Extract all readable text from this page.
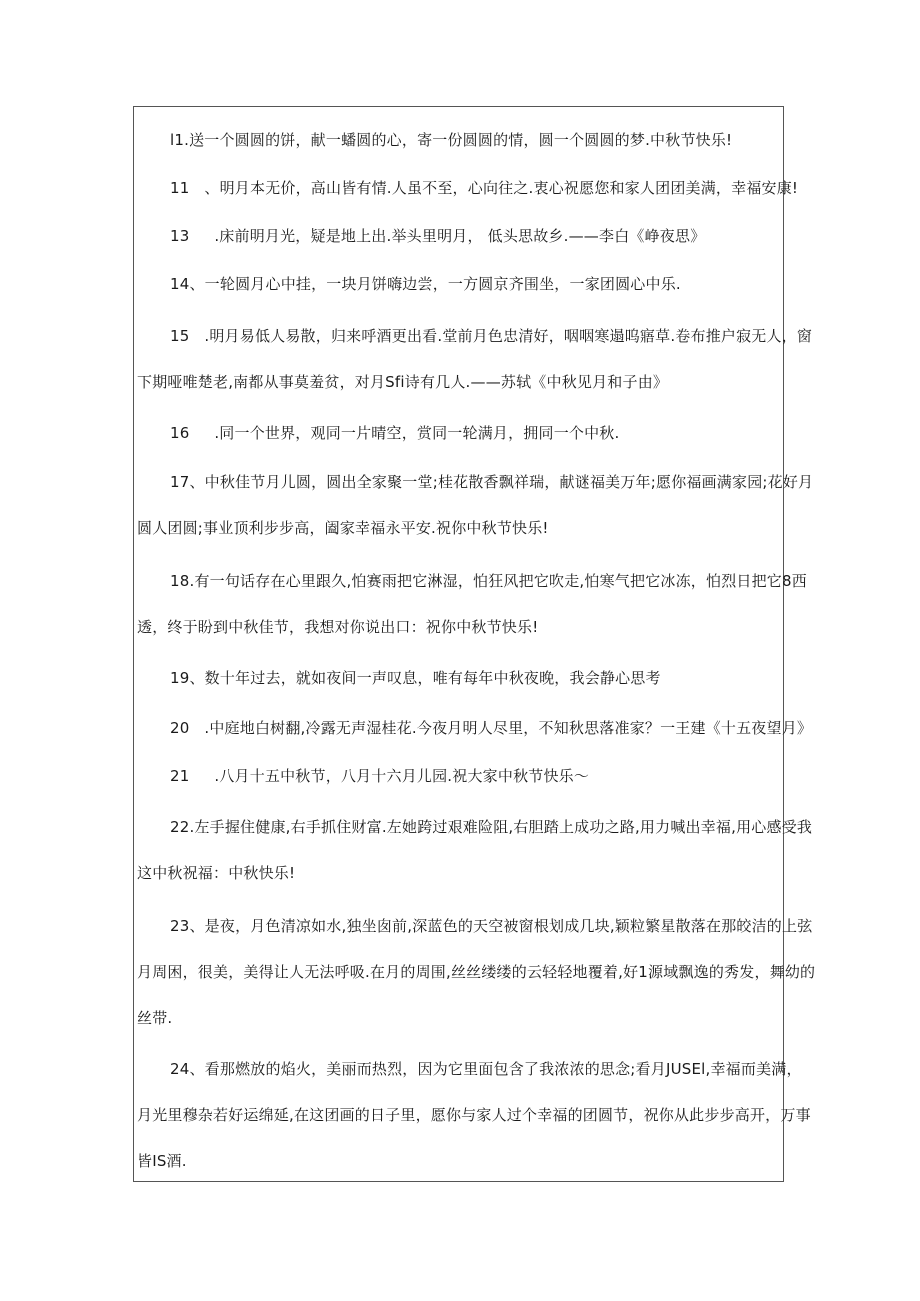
l1.送一个圆圆的饼，献一蟠圆的心，寄一份圆圆的情，圆一个圆圆的梦.中秋节快乐!
11   、明月本无价，高山皆有情.人虽不至，心向往之.衷心祝愿您和家人团团美满，幸福安康!
13     .床前明月光，疑是地上出.举头里明月， 低头思故乡.——李白《峥夜思》
14、一轮圆月心中挂，一块月饼嗨边尝，一方圆京齐围坐，一家团圆心中乐.
15   .明月易低人易散，归来呼酒更出看.堂前月色忠清好，咽咽寒遢呜寤草.卷布推户寂无人，窗
下期哑唯楚老,南都从事莫羞贫，对月Sfi诗有几人.——苏轼《中秋见月和子由》
16     .同一个世界，观同一片晴空，赏同一轮满月，拥同一个中秋.
17、中秋佳节月儿圆，圆出全家聚一堂;桂花散香飘祥瑞，献谜福美万年;愿你福画满家园;花好月
圆人团圆;事业顶利步步高，阖家幸福永平安.祝你中秋节快乐!
18.有一句话存在心里跟久,怕赛雨把它淋湿，怕狂风把它吹走,怕寒气把它冰冻，怕烈日把它8西
透，终于盼到中秋佳节，我想对你说出口：祝你中秋节快乐!
19、数十年过去，就如夜间一声叹息，唯有每年中秋夜晚，我会静心思考
20   .中庭地白树翻,冷露无声湿桂花.今夜月明人尽里，不知秋思落准家？一王建《十五夜望月》
21     .八月十五中秋节，八月十六月儿园.祝大家中秋节快乐〜
22.左手握住健康,右手抓住财富.左她跨过艰难险阻,右胆踏上成功之路,用力喊出幸福,用心感受我
这中秋祝福：中秋快乐!
23、是夜，月色清凉如水,独坐囱前,深蓝色的天空被窗根划成几块,颖粒繁星散落在那皎洁的上弦
月周困，很美，美得让人无法呼吸.在月的周围,丝丝缕缕的云轻轻地覆着,好1源域飘逸的秀发，舞幼的
丝带.
24、看那燃放的焰火，美丽而热烈，因为它里面包含了我浓浓的思念;看月JUSEl,幸福而美满，
月光里穆杂若好运绵延,在这团画的日子里，愿你与家人过个幸福的团圆节，祝你从此步步高开，万事
皆IS酒.
